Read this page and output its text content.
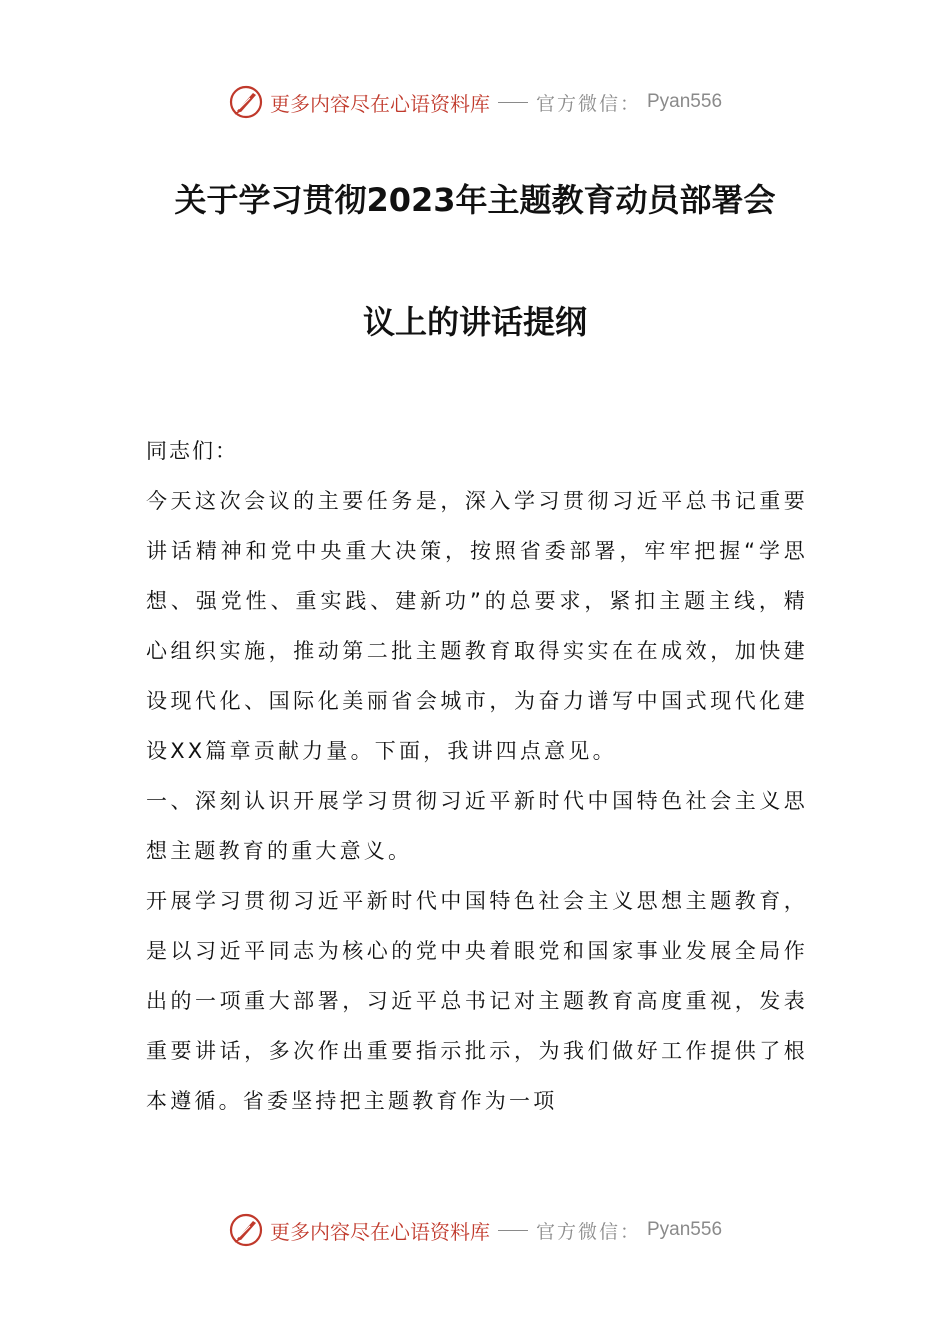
更多内容尽在心语资料库 官方微信： Pyan556
关于学习贯彻2023年主题教育动员部署会
议上的讲话提纲

同志们：

今天这次会议的主要任务是，深入学习贯彻习近平总书记重要讲话精神和党中央重大决策，按照省委部署，牢牢把握“学思想、强党性、重实践、建新功”的总要求，紧扣主题主线，精心组织实施，推动第二批主题教育取得实实在在成效，加快建设现代化、国际化美丽省会城市，为奋力谱写中国式现代化建设XX篇章贡献力量。下面，我讲四点意见。

一、深刻认识开展学习贯彻习近平新时代中国特色社会主义思想主题教育的重大意义。

开展学习贯彻习近平新时代中国特色社会主义思想主题教育，是以习近平同志为核心的党中央着眼党和国家事业发展全局作出的一项重大部署，习近平总书记对主题教育高度重视，发表重要讲话，多次作出重要指示批示，为我们做好工作提供了根本遵循。省委坚持把主题教育作为一项

更多内容尽在心语资料库 官方微信： Pyan556
